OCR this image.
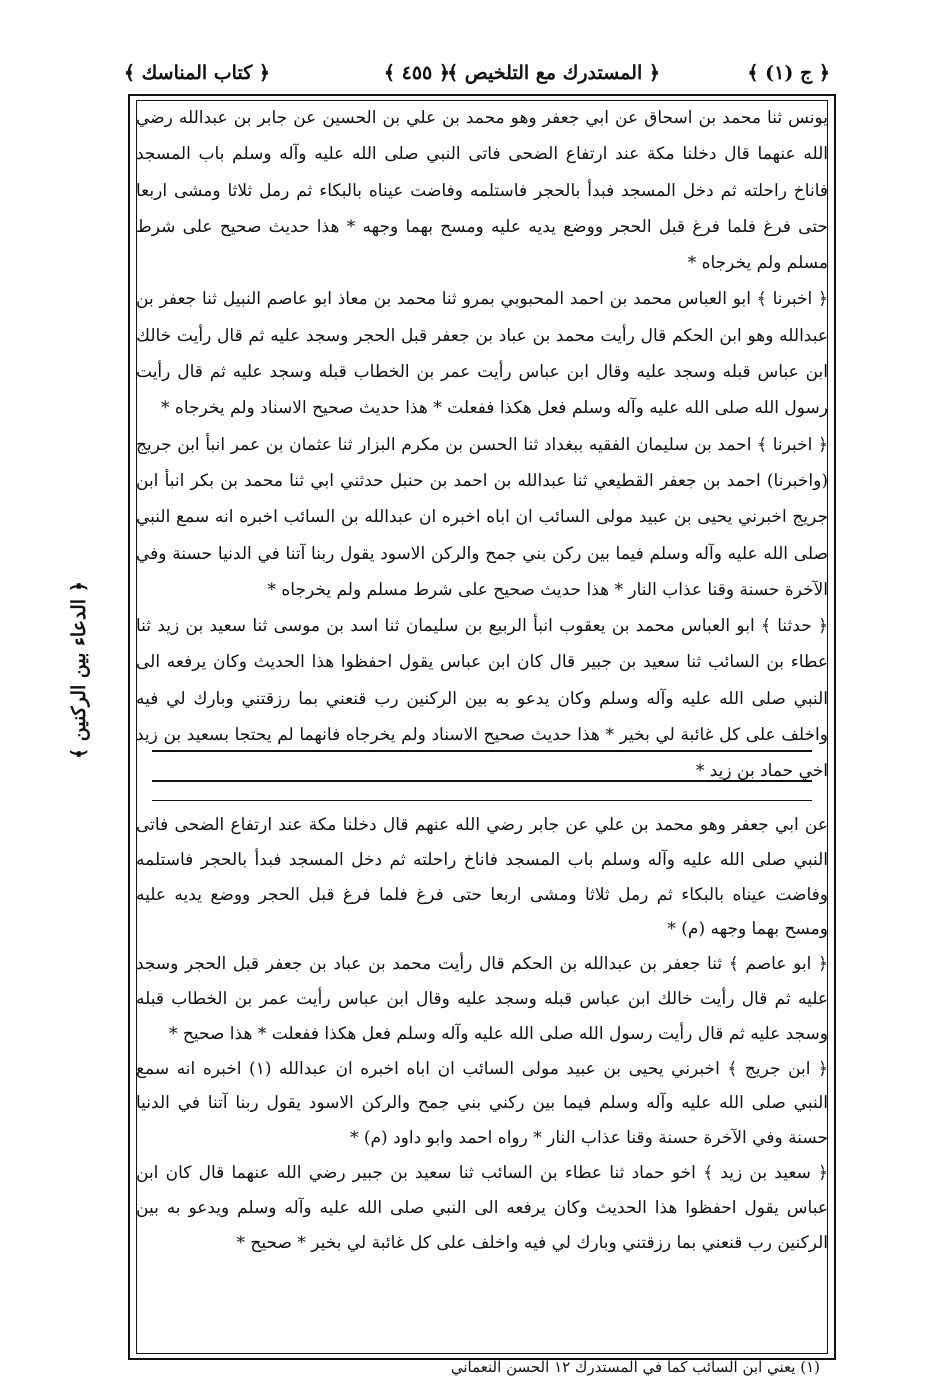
﴿ ج (١) ﴾
﴿ المستدرك مع التلخيص ﴾
﴿ ٤٥٥ ﴾
﴿ كتاب المناسك ﴾
﴿ الدعاء بين الركنين ﴾

يونس ثنا محمد بن اسحاق عن ابي جعفر وهو محمد بن علي بن الحسين عن جابر بن عبدالله رضي الله عنهما قال دخلنا مكة عند ارتفاع الضحى فاتى النبي صلى الله عليه وآله وسلم باب المسجد فاناخ راحلته ثم دخل المسجد فبدأ بالحجر فاستلمه وفاضت عيناه بالبكاء ثم رمل ثلاثا ومشى اربعا حتى فرغ فلما فرغ قبل الحجر ووضع يديه عليه ومسح بهما وجهه * هذا حديث صحيح على شرط مسلم ولم يخرجاه *

﴿ اخبرنا ﴾ ابو العباس محمد بن احمد المحبوبي بمرو ثنا محمد بن معاذ ابو عاصم النبيل ثنا جعفر بن عبدالله وهو ابن الحكم قال رأيت محمد بن عباد بن جعفر قبل الحجر وسجد عليه ثم قال رأيت خالك ابن عباس قبله وسجد عليه وقال ابن عباس رأيت عمر بن الخطاب قبله وسجد عليه ثم قال رأيت رسول الله صلى الله عليه وآله وسلم فعل هكذا ففعلت * هذا حديث صحيح الاسناد ولم يخرجاه *

﴿ اخبرنا ﴾ احمد بن سليمان الفقيه ببغداد ثنا الحسن بن مكرم البزار ثنا عثمان بن عمر انبأ ابن جريج (واخبرنا) احمد بن جعفر القطيعي ثنا عبدالله بن احمد بن حنبل حدثني ابي ثنا محمد بن بكر انبأ ابن جريج اخبرني يحيى بن عبيد مولى السائب ان اباه اخبره ان عبدالله بن السائب اخبره انه سمع النبي صلى الله عليه وآله وسلم فيما بين ركن بني جمح والركن الاسود يقول ربنا آتنا في الدنيا حسنة وفي الآخرة حسنة وقنا عذاب النار * هذا حديث صحيح على شرط مسلم ولم يخرجاه *

﴿ حدثنا ﴾ ابو العباس محمد بن يعقوب انبأ الربيع بن سليمان ثنا اسد بن موسى ثنا سعيد بن زيد ثنا عطاء بن السائب ثنا سعيد بن جبير قال كان ابن عباس يقول احفظوا هذا الحديث وكان يرفعه الى النبي صلى الله عليه وآله وسلم وكان يدعو به بين الركنين رب قنعني بما رزقتني وبارك لي فيه واخلف على كل غائبة لي بخير * هذا حديث صحيح الاسناد ولم يخرجاه فانهما لم يحتجا بسعيد بن زيد اخي حماد بن زيد *

عن ابي جعفر وهو محمد بن علي عن جابر رضي الله عنهم قال دخلنا مكة عند ارتفاع الضحى فاتى النبي صلى الله عليه وآله وسلم باب المسجد فاناخ راحلته ثم دخل المسجد فبدأ بالحجر فاستلمه وفاضت عيناه بالبكاء ثم رمل ثلاثا ومشى اربعا حتى فرغ فلما فرغ قبل الحجر ووضع يديه عليه ومسح بهما وجهه (م) *

﴿ ابو عاصم ﴾ ثنا جعفر بن عبدالله بن الحكم قال رأيت محمد بن عباد بن جعفر قبل الحجر وسجد عليه ثم قال رأيت خالك ابن عباس قبله وسجد عليه وقال ابن عباس رأيت عمر بن الخطاب قبله وسجد عليه ثم قال رأيت رسول الله صلى الله عليه وآله وسلم فعل هكذا ففعلت * هذا صحيح *

﴿ ابن جريج ﴾ اخبرني يحيى بن عبيد مولى السائب ان اباه اخبره ان عبدالله (١) اخبره انه سمع النبي صلى الله عليه وآله وسلم فيما بين ركني بني جمح والركن الاسود يقول ربنا آتنا في الدنيا حسنة وفي الآخرة حسنة وقنا عذاب النار * رواه احمد وابو داود (م) *

﴿ سعيد بن زيد ﴾ اخو حماد ثنا عطاء بن السائب ثنا سعيد بن جبير رضي الله عنهما قال كان ابن عباس يقول احفظوا هذا الحديث وكان يرفعه الى النبي صلى الله عليه وآله وسلم ويدعو به بين الركنين رب قنعني بما رزقتني وبارك لي فيه واخلف على كل غائبة لي بخير * صحيح *

(١) يعني ابن السائب كما في المستدرك ١٢ الحسن النعماني
